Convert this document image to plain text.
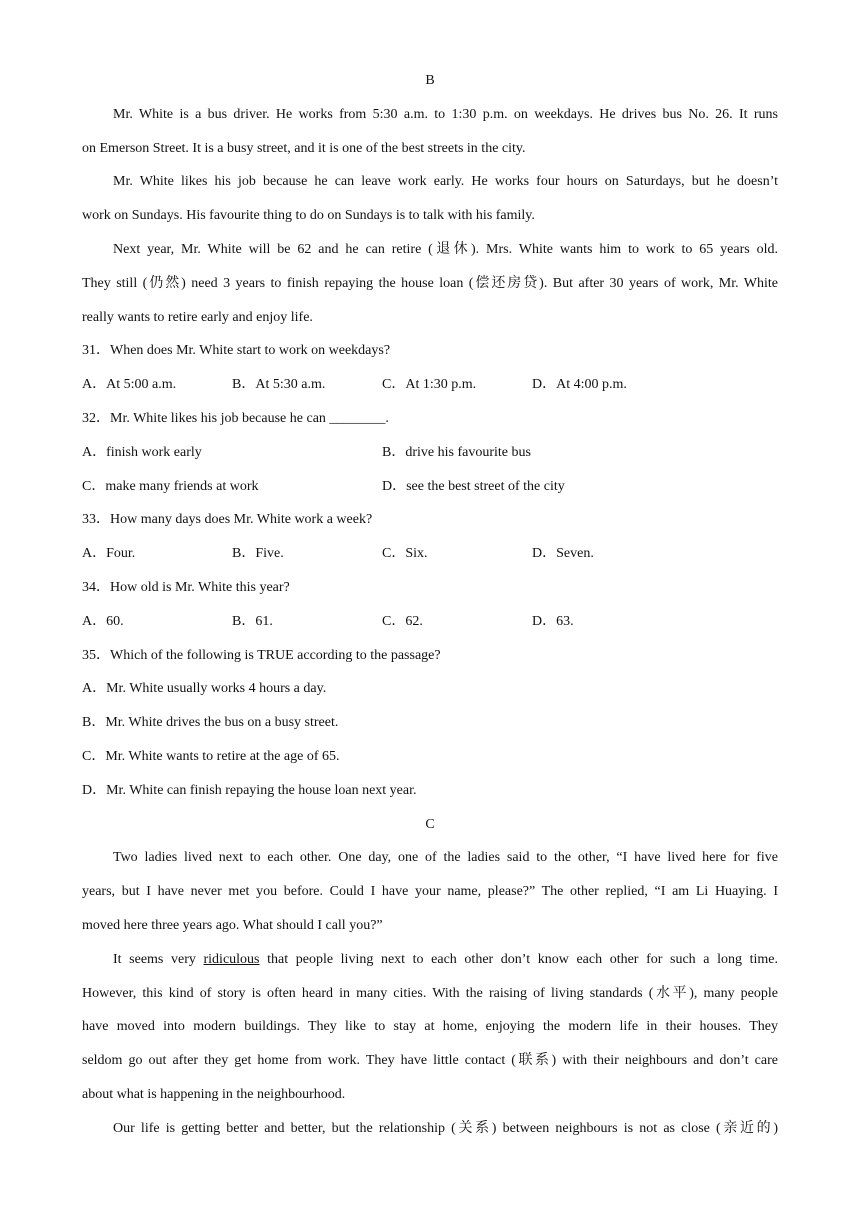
B
Mr. White is a bus driver. He works from 5:30 a.m. to 1:30 p.m. on weekdays. He drives bus No. 26. It runs
on Emerson Street. It is a busy street, and it is one of the best streets in the city.
Mr. White likes his job because he can leave work early. He works four hours on Saturdays, but he doesn’t
work on Sundays. His favourite thing to do on Sundays is to talk with his family.
Next year, Mr. White will be 62 and he can retire (退休). Mrs. White wants him to work to 65 years old.
They still (仍然) need 3 years to finish repaying the house loan (偿还房贷). But after 30 years of work, Mr. White
really wants to retire early and enjoy life.
31．When does Mr. White start to work on weekdays?
A．At 5:00 a.m.	B．At 5:30 a.m.	C．At 1:30 p.m.	D．At 4:00 p.m.
32．Mr. White likes his job because he can ________.
A．finish work early	B．drive his favourite bus
C．make many friends at work	D．see the best street of the city
33．How many days does Mr. White work a week?
A．Four.	B．Five.	C．Six.	D．Seven.
34．How old is Mr. White this year?
A．60.	B．61.	C．62.	D．63.
35．Which of the following is TRUE according to the passage?
A．Mr. White usually works 4 hours a day.
B．Mr. White drives the bus on a busy street.
C．Mr. White wants to retire at the age of 65.
D．Mr. White can finish repaying the house loan next year.
C
Two ladies lived next to each other. One day, one of the ladies said to the other, “I have lived here for five
years, but I have never met you before. Could I have your name, please?” The other replied, “I am Li Huaying. I
moved here three years ago. What should I call you?”
It seems very ridiculous that people living next to each other don’t know each other for such a long time.
However, this kind of story is often heard in many cities. With the raising of living standards (水平), many people
have moved into modern buildings. They like to stay at home, enjoying the modern life in their houses. They
seldom go out after they get home from work. They have little contact (联系) with their neighbours and don’t care
about what is happening in the neighbourhood.
Our life is getting better and better, but the relationship (关系) between neighbours is not as close (亲近的)
